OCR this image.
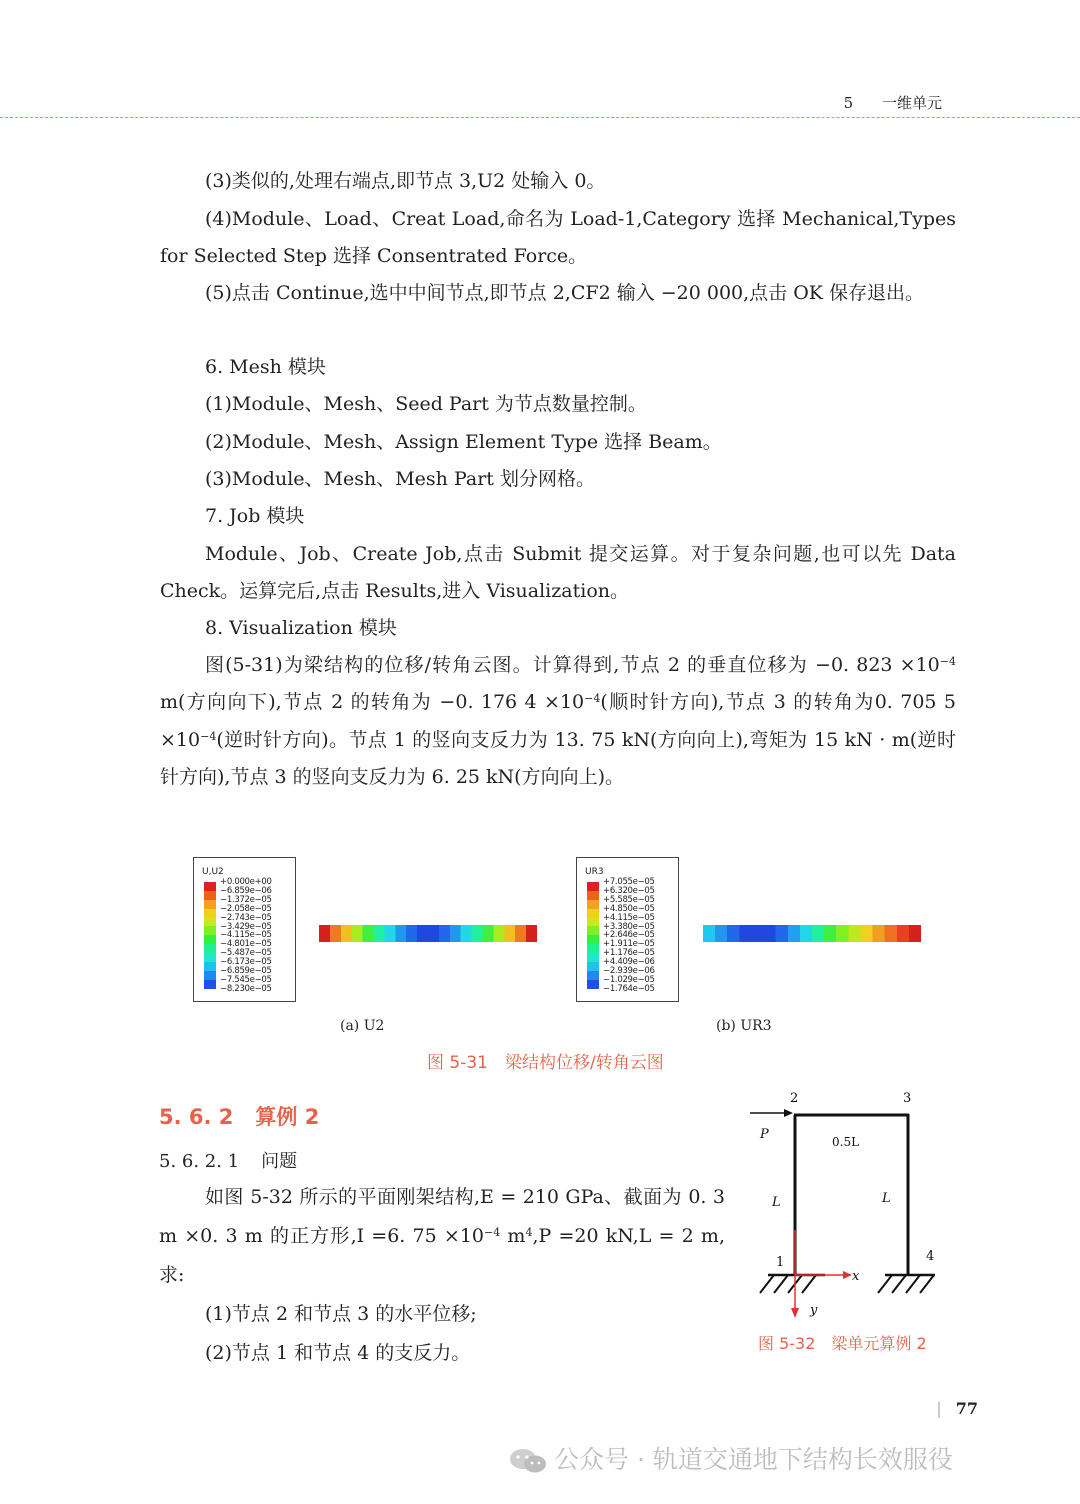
5 一维单元
(3)类似的,处理右端点,即节点 3,U2 处输入 0。
(4)Module、Load、Creat Load,命名为 Load-1,Category 选择 Mechanical,Types for Selected Step 选择 Consentrated Force。
(5)点击 Continue,选中中间节点,即节点 2,CF2 输入 −20 000,点击 OK 保存退出。
6. Mesh 模块
(1)Module、Mesh、Seed Part 为节点数量控制。
(2)Module、Mesh、Assign Element Type 选择 Beam。
(3)Module、Mesh、Mesh Part 划分网格。
7. Job 模块
Module、Job、Create Job,点击 Submit 提交运算。对于复杂问题,也可以先 Data Check。运算完后,点击 Results,进入 Visualization。
8. Visualization 模块
图(5-31)为梁结构的位移/转角云图。计算得到,节点 2 的垂直位移为 −0. $823 \times 10^{-4}$ m(方向向下),节点 2 的转角为 −0. 176 $4 \times 10^{-4}$(顺时针方向),节点 3 的转角为0. 705 $5 \times 10^{-4}$(逆时针方向)。节点 1 的竖向支反力为 13. 75 kN(方向向上),弯矩为 15 kN · m(逆时针方向),节点 3 的竖向支反力为 6. 25 kN(方向向上)。
U,U2
+0.000e+00
−6.859e−06
−1.372e−05
−2.058e−05
−2.743e−05
−3.429e−05
−4.115e−05
−4.801e−05
−5.487e−05
−6.173e−05
−6.859e−05
−7.545e−05
−8.230e−05
UR3
+7.055e−05
+6.320e−05
+5.585e−05
+4.850e−05
+4.115e−05
+3.380e−05
+2.646e−05
+1.911e−05
+1.176e−05
+4.409e−06
−2.939e−06
−1.029e−05
−1.764e−05
(a) U2	(b) UR3
图 5-31　梁结构位移/转角云图
5. 6. 2 算例 2
5. 6. 2. 1 问题
如图 5-32 所示的平面刚架结构,E = 210 GPa、截面为 0. 3 m ×0. 3 m 的正方形,I =6. $75 \times 10^{-4}$ $m^4,P =20$ kN,L = 2 m,求:
(1)节点 2 和节点 3 的水平位移;
(2)节点 1 和节点 4 的支反力。
2	3
1	4
P	0.5L
L	L
x
y
图 5-32　梁单元算例 2
77
公众号 · 轨道交通地下结构长效服役
